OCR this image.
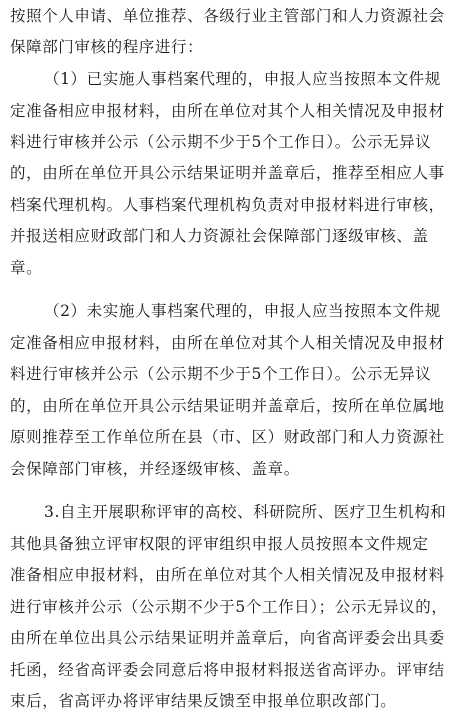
按照个人申请、单位推荐、各级行业主管部门和人力资源社会
保障部门审核的程序进行：
（1）已实施人事档案代理的，申报人应当按照本文件规
定准备相应申报材料，由所在单位对其个人相关情况及申报材
料进行审核并公示（公示期不少于5个工作日）。公示无异议
的，由所在单位开具公示结果证明并盖章后，推荐至相应人事
档案代理机构。人事档案代理机构负责对申报材料进行审核，
并报送相应财政部门和人力资源社会保障部门逐级审核、盖
章。
（2）未实施人事档案代理的，申报人应当按照本文件规
定准备相应申报材料，由所在单位对其个人相关情况及申报材
料进行审核并公示（公示期不少于5个工作日）。公示无异议
的，由所在单位开具公示结果证明并盖章后，按所在单位属地
原则推荐至工作单位所在县（市、区）财政部门和人力资源社
会保障部门审核，并经逐级审核、盖章。
3.自主开展职称评审的高校、科研院所、医疗卫生机构和
其他具备独立评审权限的评审组织申报人员按照本文件规定
准备相应申报材料，由所在单位对其个人相关情况及申报材料
进行审核并公示（公示期不少于5个工作日）；公示无异议的，
由所在单位出具公示结果证明并盖章后，向省高评委会出具委
托函，经省高评委会同意后将申报材料报送省高评办。评审结
束后，省高评办将评审结果反馈至申报单位职改部门。
